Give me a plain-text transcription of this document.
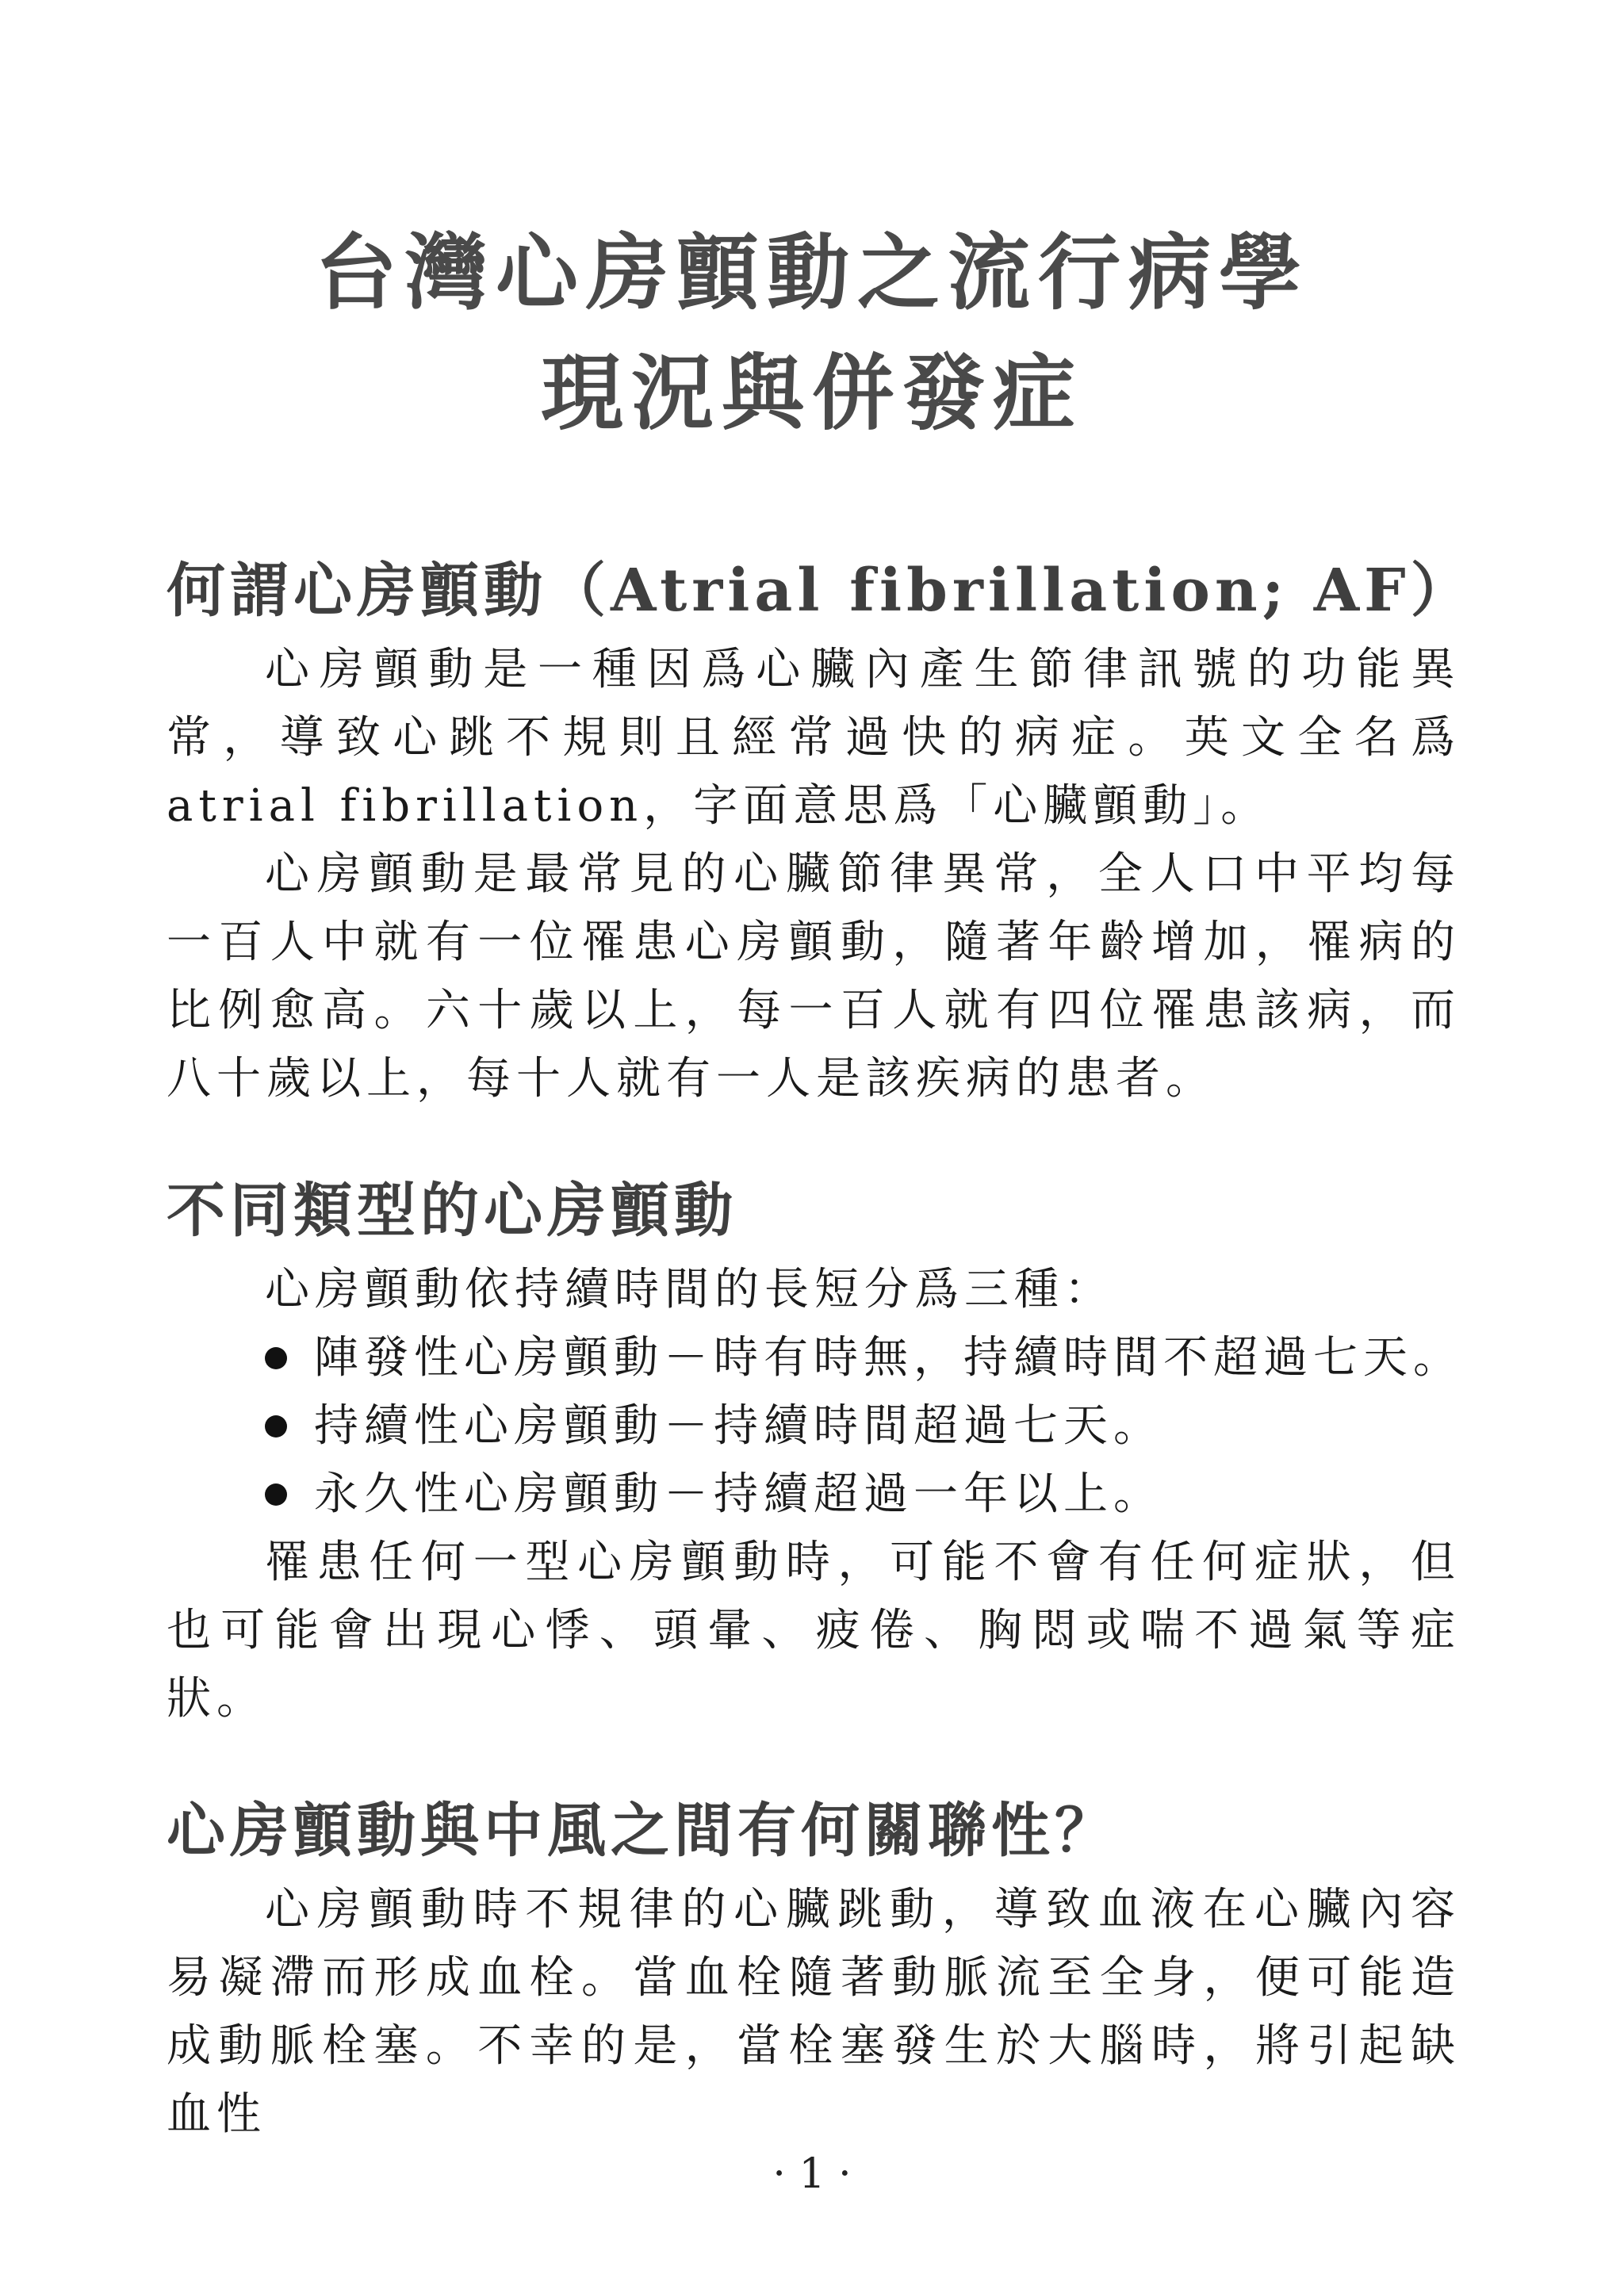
台灣心房顫動之流行病學
現況與併發症
何謂心房顫動（Atrial fibrillation; AF）

心房顫動是一種因爲心臟內產生節律訊號的功能異常，導致心跳不規則且經常過快的病症。英文全名爲atrial fibrillation，字面意思爲「心臟顫動」。

心房顫動是最常見的心臟節律異常，全人口中平均每一百人中就有一位罹患心房顫動，隨著年齡增加，罹病的比例愈高。六十歲以上，每一百人就有四位罹患該病，而八十歲以上，每十人就有一人是該疾病的患者。

不同類型的心房顫動

心房顫動依持續時間的長短分爲三種：

陣發性心房顫動－時有時無，持續時間不超過七天。
持續性心房顫動－持續時間超過七天。
永久性心房顫動－持續超過一年以上。

罹患任何一型心房顫動時，可能不會有任何症狀，但也可能會出現心悸、頭暈、疲倦、胸悶或喘不過氣等症狀。

心房顫動與中風之間有何關聯性？

心房顫動時不規律的心臟跳動，導致血液在心臟內容易凝滯而形成血栓。當血栓隨著動脈流至全身，便可能造成動脈栓塞。不幸的是，當栓塞發生於大腦時，將引起缺血性

· 1 ·
